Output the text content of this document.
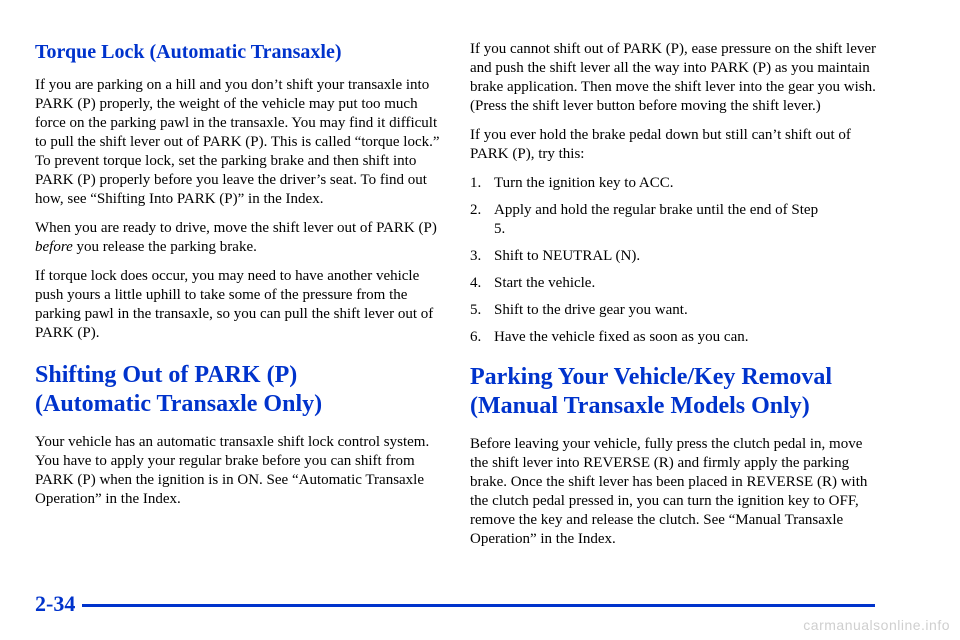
Torque Lock (Automatic Transaxle)

If you are parking on a hill and you don’t shift your transaxle into PARK (P) properly, the weight of the vehicle may put too much force on the parking pawl in the transaxle. You may find it difficult to pull the shift lever out of PARK (P). This is called “torque lock.” To prevent torque lock, set the parking brake and then shift into PARK (P) properly before you leave the driver’s seat. To find out how, see “Shifting Into PARK (P)” in the Index.

When you are ready to drive, move the shift lever out of PARK (P) before you release the parking brake.

If torque lock does occur, you may need to have another vehicle push yours a little uphill to take some of the pressure from the parking pawl in the transaxle, so you can pull the shift lever out of PARK (P).

Shifting Out of PARK (P)
(Automatic Transaxle Only)

Your vehicle has an automatic transaxle shift lock control system. You have to apply your regular brake before you can shift from PARK (P) when the ignition is in ON. See “Automatic Transaxle Operation” in the Index.

If you cannot shift out of PARK (P), ease pressure on the shift lever and push the shift lever all the way into PARK (P) as you maintain brake application. Then move the shift lever into the gear you wish. (Press the shift lever button before moving the shift lever.)

If you ever hold the brake pedal down but still can’t shift out of PARK (P), try this:

1. Turn the ignition key to ACC.
2. Apply and hold the regular brake until the end of Step 5.
3. Shift to NEUTRAL (N).
4. Start the vehicle.
5. Shift to the drive gear you want.
6. Have the vehicle fixed as soon as you can.
Parking Your Vehicle/Key Removal
(Manual Transaxle Models Only)

Before leaving your vehicle, fully press the clutch pedal in, move the shift lever into REVERSE (R) and firmly apply the parking brake. Once the shift lever has been placed in REVERSE (R) with the clutch pedal pressed in, you can turn the ignition key to OFF, remove the key and release the clutch. See “Manual Transaxle Operation” in the Index.

2-34
carmanualsonline.info
